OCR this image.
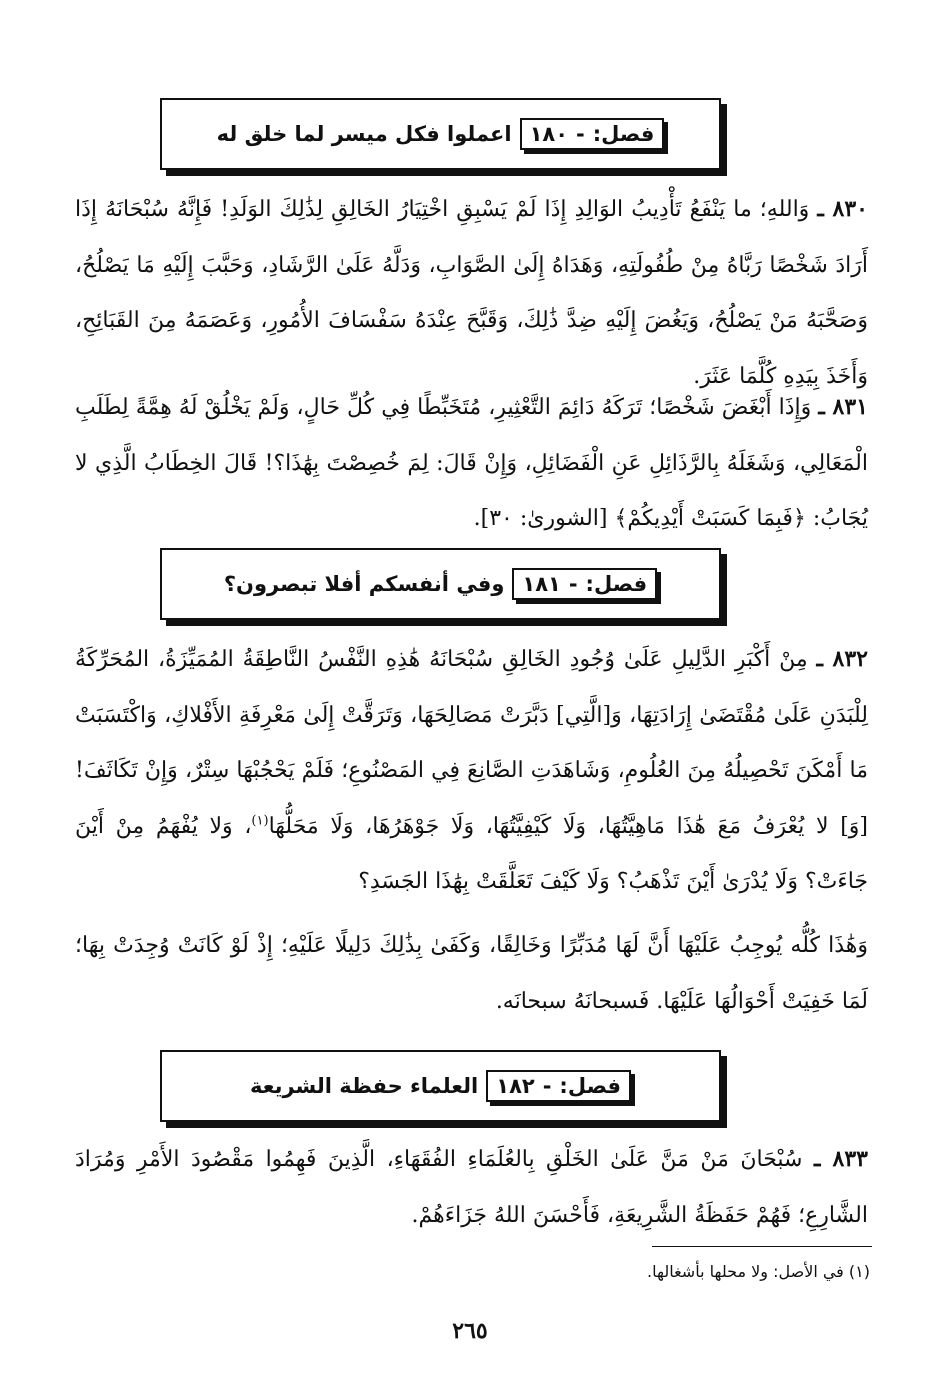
فصل:
-
١٨٠
اعملوا فكل ميسر لما خلق له

٨٣٠ ـ وَاللهِ؛ ما يَنْفَعُ تَأْدِيبُ الوَالِدِ إِذَا لَمْ يَسْبِقِ اخْتِيَارُ الخَالِقِ لِذَٰلِكَ الوَلَدِ! فَإِنَّهُ سُبْحَانَهُ إِذَا أَرَادَ شَخْصًا رَبَّاهُ مِنْ طُفُولَتِهِ، وَهَدَاهُ إِلَىٰ الصَّوَابِ، وَدَلَّهُ عَلَىٰ الرَّشَادِ، وَحَبَّبَ إِلَيْهِ مَا يَصْلُحُ، وَصَحَّبَهُ مَنْ يَصْلُحُ، وَيَغُضَ إِلَيْهِ ضِدَّ ذَٰلِكَ، وَقَبَّحَ عِنْدَهُ سَفْسَافَ الأُمُورِ، وَعَصَمَهُ مِنَ القَبَائِحِ، وَأَخَذَ بِيَدِهِ كُلَّمَا عَثَرَ.

٨٣١ ـ وَإِذَا أَبْغَضَ شَخْصًا؛ تَرَكَهُ دَائِمَ التَّعْثِيرِ، مُتَخَبِّطًا فِي كُلِّ حَالٍ، وَلَمْ يَخْلُقْ لَهُ هِمَّةً لِطَلَبِ الْمَعَالِي، وَشَغَلَهُ بِالرَّذَائِلِ عَنِ الْفَضَائِلِ، وَإِنْ قَالَ: لِمَ خُصِصْتَ بِهَٰذَا؟! قَالَ الخِطَابُ الَّذِي لا يُجَابُ: ﴿فَبِمَا كَسَبَتْ أَيْدِيكُمْ﴾ [الشورىٰ: ٣٠].

فصل:
-
١٨١
وفي أنفسكم أفلا تبصرون؟

٨٣٢ ـ مِنْ أَكْبَرِ الدَّلِيلِ عَلَىٰ وُجُودِ الخَالِقِ سُبْحَانَهُ هَٰذِهِ النَّفْسُ النَّاطِقَةُ المُمَيِّزَةُ، المُحَرِّكَةُ لِلْبَدَنِ عَلَىٰ مُقْتَضَىٰ إِرَادَتِهَا، وَ[الَّتِي] دَبَّرَتْ مَصَالِحَهَا، وَتَرَقَّتْ إِلَىٰ مَعْرِفَةِ الأَفْلاكِ، وَاكْتَسَبَتْ مَا أَمْكَنَ تَحْصِيلُهُ مِنَ العُلُومِ، وَشَاهَدَتِ الصَّانِعَ فِي المَصْنُوعِ؛ فَلَمْ يَحْجُبْهَا سِتْرٌ، وَإِنْ تَكَاثَفَ! [وَ] لا يُعْرَفُ مَعَ هَٰذَا مَاهِيَّتُهَا، وَلَا كَيْفِيَّتُهَا، وَلَا جَوْهَرُهَا، وَلَا مَحَلُّهَا$^{(١)}$، وَلا يُفْهَمُ مِنْ أَيْنَ جَاءَتْ؟ وَلَا يُدْرَىٰ أَيْنَ تَذْهَبُ؟ وَلَا كَيْفَ تَعَلَّقَتْ بِهَٰذَا الجَسَدِ؟

وَهَٰذَا كُلُّه يُوجِبُ عَلَيْهَا أَنَّ لَهَا مُدَبِّرًا وَخَالِقًا، وَكَفَىٰ بِذَٰلِكَ دَلِيلًا عَلَيْهِ؛ إِذْ لَوْ كَانَتْ وُجِدَتْ بِهَا؛ لَمَا خَفِيَتْ أَحْوَالُهَا عَلَيْهَا. فَسبحانَهُ سبحانَه.

فصل:
-
١٨٢
العلماء حفظة الشريعة

٨٣٣ ـ سُبْحَانَ مَنْ مَنَّ عَلَىٰ الخَلْقِ بِالعُلَمَاءِ الفُقَهَاءِ، الَّذِينَ فَهِمُوا مَقْصُودَ الأَمْرِ وَمُرَادَ الشَّارِعِ؛ فَهُمْ حَفَظَةُ الشَّرِيعَةِ، فَأَحْسَنَ اللهُ جَزَاءَهُمْ.

(١) في الأصل: ولا محلها بأشغالها.
٢٦٥
